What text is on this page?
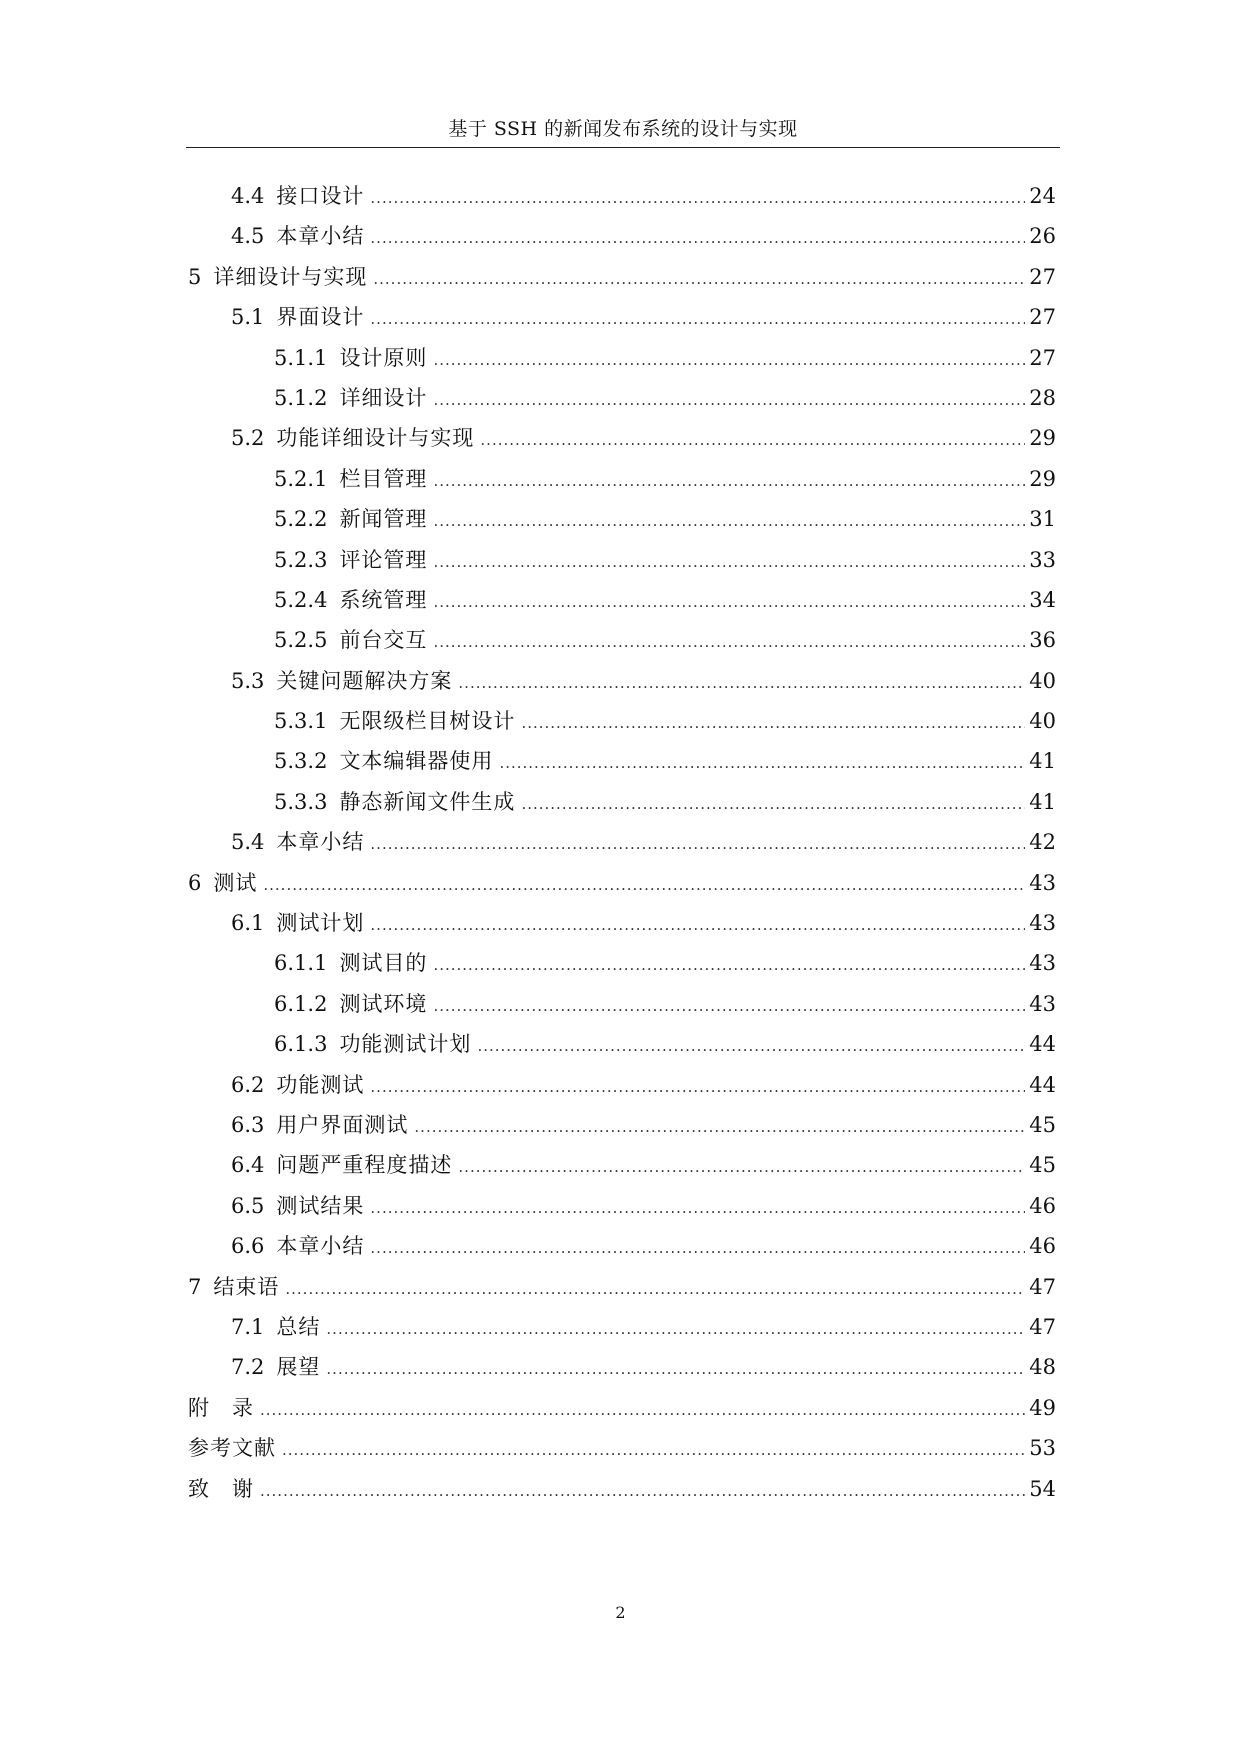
基于 SSH 的新闻发布系统的设计与实现
4.4 接口设计 .....	24
4.5 本章小结 .....	26
5 详细设计与实现 .....	27
5.1 界面设计 .....	27
5.1.1 设计原则 .....	27
5.1.2 详细设计 .....	28
5.2 功能详细设计与实现 .....	29
5.2.1 栏目管理 .....	29
5.2.2 新闻管理 .....	31
5.2.3 评论管理 .....	33
5.2.4 系统管理 .....	34
5.2.5 前台交互 .....	36
5.3 关键问题解决方案 .....	40
5.3.1 无限级栏目树设计 .....	40
5.3.2 文本编辑器使用 .....	41
5.3.3 静态新闻文件生成 .....	41
5.4 本章小结 .....	42
6 测试 .....	43
6.1 测试计划 .....	43
6.1.1 测试目的 .....	43
6.1.2 测试环境 .....	43
6.1.3 功能测试计划 .....	44
6.2 功能测试 .....	44
6.3 用户界面测试 .....	45
6.4 问题严重程度描述 .....	45
6.5 测试结果 .....	46
6.6 本章小结 .....	46
7 结束语 .....	47
7.1 总结 .....	47
7.2 展望 .....	48
附　录 .....	49
参考文献 .....	53
致　谢 .....	54
2
